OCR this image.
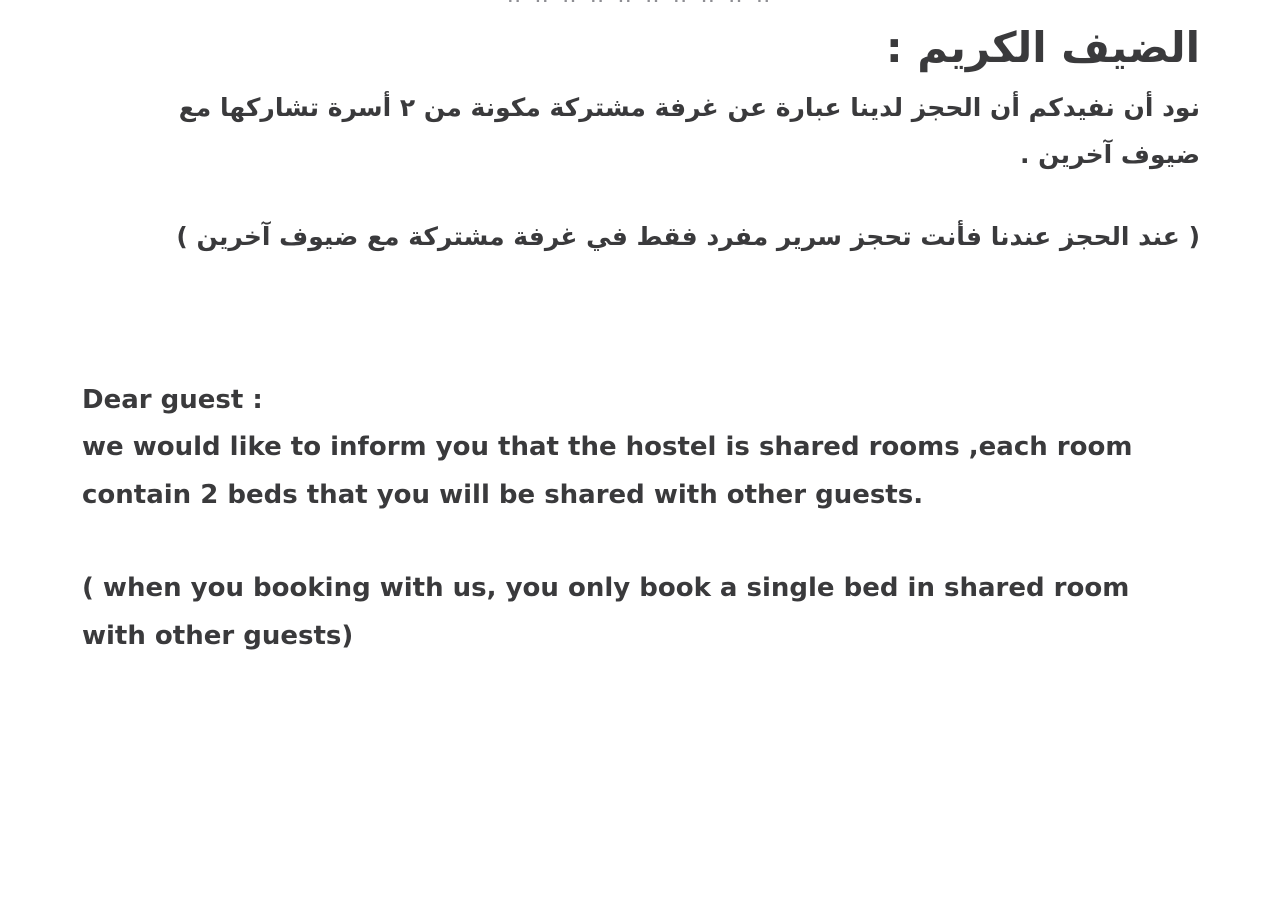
الضيف الكريم :

نود أن نفيدكم أن الحجز لدينا عبارة عن غرفة مشتركة مكونة من ٢ أسرة تشاركها مع ضيوف آخرين .

( عند الحجز عندنا فأنت تحجز سرير مفرد فقط في غرفة مشتركة مع ضيوف آخرين )

Dear guest :

we would like to inform you that the hostel is shared rooms ,each room contain 2 beds that you will be shared with other guests.

( when you booking with us, you only book a single bed in shared room with other guests)
